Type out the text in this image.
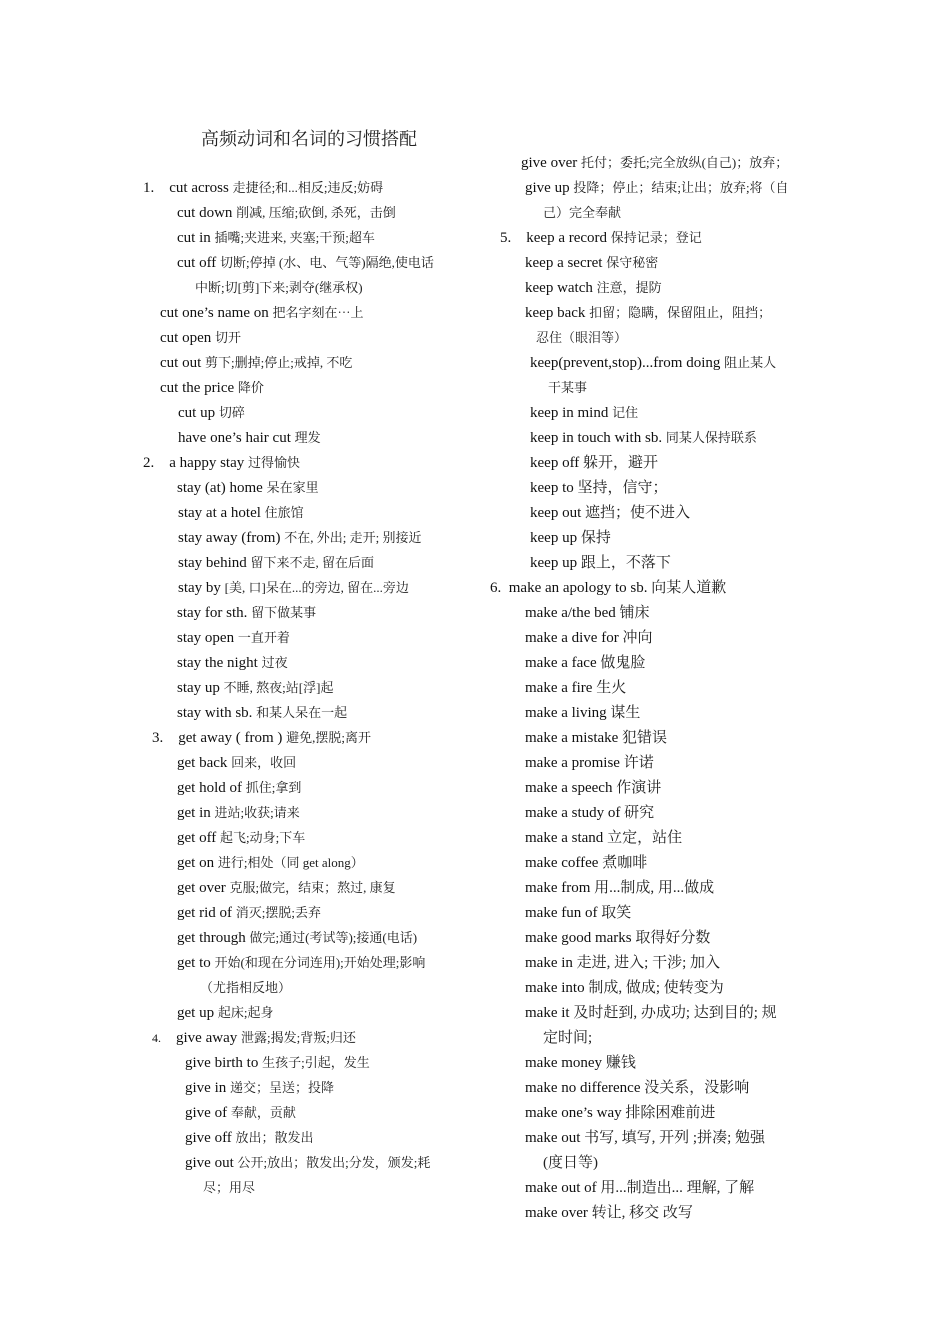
高频动词和名词的习惯搭配
1.  cut across 走捷径;和...相反;违反;妨碍
cut down 削减, 压缩;砍倒, 杀死，击倒
cut in 插嘴;夹进来, 夹塞;干预;超车
cut off 切断;停掉 (水、电、气等)隔绝,使电话
中断;切[剪]下来;剥夺(继承权)
cut one’s name on 把名字刻在⋯上
cut open 切开
cut out 剪下;删掉;停止;戒掉, 不吃
cut the price 降价
cut up 切碎
have one’s hair cut 理发
2.  a happy stay 过得愉快
stay (at) home 呆在家里
stay at a hotel 住旅馆
stay away (from) 不在, 外出; 走开; 别接近
stay behind 留下来不走, 留在后面
stay by [美, 口]呆在...的旁边, 留在...旁边
stay for sth. 留下做某事
stay open 一直开着
stay the night 过夜
stay up 不睡, 熬夜;站[浮]起
stay with sb. 和某人呆在一起
3.  get away ( from ) 避免,摆脱;离开
get back 回来，收回
get hold of 抓住;拿到
get in 进站;收获;请来
get off 起飞;动身;下车
get on 进行;相处（同 get along）
get over 克服;做完，结束；熬过, 康复
get rid of 消灭;摆脱;丢弃
get through 做完;通过(考试等);接通(电话)
get to 开始(和现在分词连用);开始处理;影响
（尤指相反地）
get up 起床;起身
4.  give away 泄露;揭发;背叛;归还
give birth to 生孩子;引起，发生
give in 递交；呈送；投降
give of 奉献，贡献
give off 放出；散发出
give out 公开;放出；散发出;分发，颁发;耗
尽；用尽
give over 托付；委托;完全放纵(自己)；放弃；
give up 投降；停止；结束;让出；放弃;将（自
己）完全奉献
5.  keep a record 保持记录；登记
keep a secret 保守秘密
keep watch 注意，提防
keep back 扣留；隐瞒，保留阻止，阻挡；
忍住（眼泪等）
keep(prevent,stop)...from doing 阻止某人
干某事
keep in mind 记住
keep in touch with sb. 同某人保持联系
keep off 躲开，避开
keep to 坚持，信守；
keep out 遮挡；使不进入
keep up 保持
keep up 跟上，不落下
6.  make an apology to sb. 向某人道歉
make a/the bed 铺床
make a dive for 冲向
make a face 做鬼脸
make a fire 生火
make a living 谋生
make a mistake 犯错误
make a promise 许诺
make a speech 作演讲
make a study of 研究
make a stand 立定，站住
make coffee 煮咖啡
make from 用...制成, 用...做成
make fun of 取笑
make good marks 取得好分数
make in 走进, 进入; 干涉; 加入
make into 制成, 做成; 使转变为
make it 及时赶到, 办成功; 达到目的; 规
定时间;
make money 赚钱
make no difference 没关系，没影响
make one’s way 排除困难前进
make out 书写, 填写, 开列 ;拼凑; 勉强
(度日等)
make out of 用...制造出... 理解, 了解
make over 转让, 移交 改写
